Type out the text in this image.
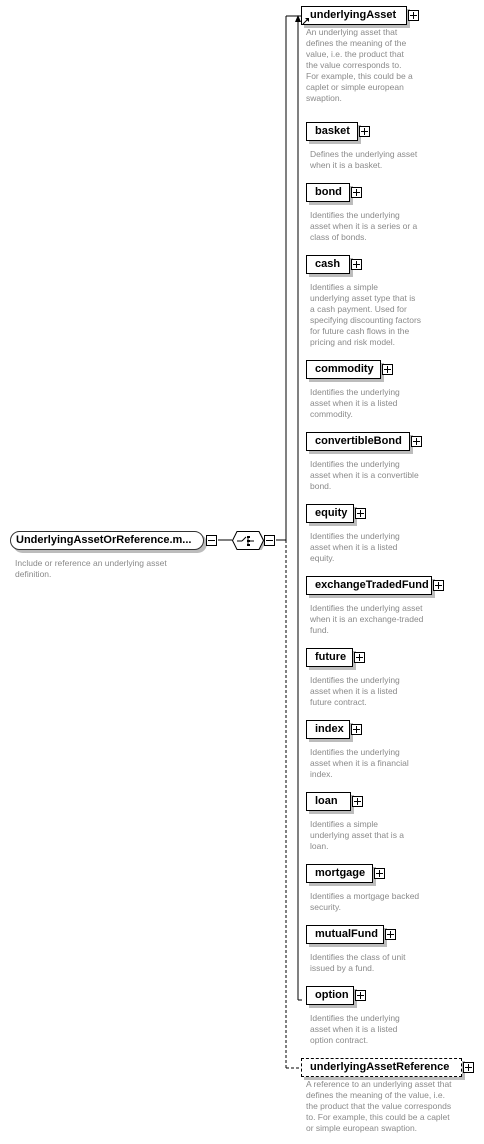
UnderlyingAssetOrReference.m...
Include or reference an underlying asset
definition.
underlyingAsset
An underlying asset that
defines the meaning of the
value, i.e. the product that
the value corresponds to.
For example, this could be a
caplet or simple european
swaption.
basket
Defines the underlying asset
when it is a basket.
bond
Identifies the underlying
asset when it is a series or a
class of bonds.
cash
Identifies a simple
underlying asset type that is
a cash payment. Used for
specifying discounting factors
for future cash flows in the
pricing and risk model.
commodity
Identifies the underlying
asset when it is a listed
commodity.
convertibleBond
Identifies the underlying
asset when it is a convertible
bond.
equity
Identifies the underlying
asset when it is a listed
equity.
exchangeTradedFund
Identifies the underlying asset
when it is an exchange-traded
fund.
future
Identifies the underlying
asset when it is a listed
future contract.
index
Identifies the underlying
asset when it is a financial
index.
loan
Identifies a simple
underlying asset that is a
loan.
mortgage
Identifies a mortgage backed
security.
mutualFund
Identifies the class of unit
issued by a fund.
option
Identifies the underlying
asset when it is a listed
option contract.
underlyingAssetReference
A reference to an underlying asset that
defines the meaning of the value, i.e.
the product that the value corresponds
to. For example, this could be a caplet
or simple european swaption.
